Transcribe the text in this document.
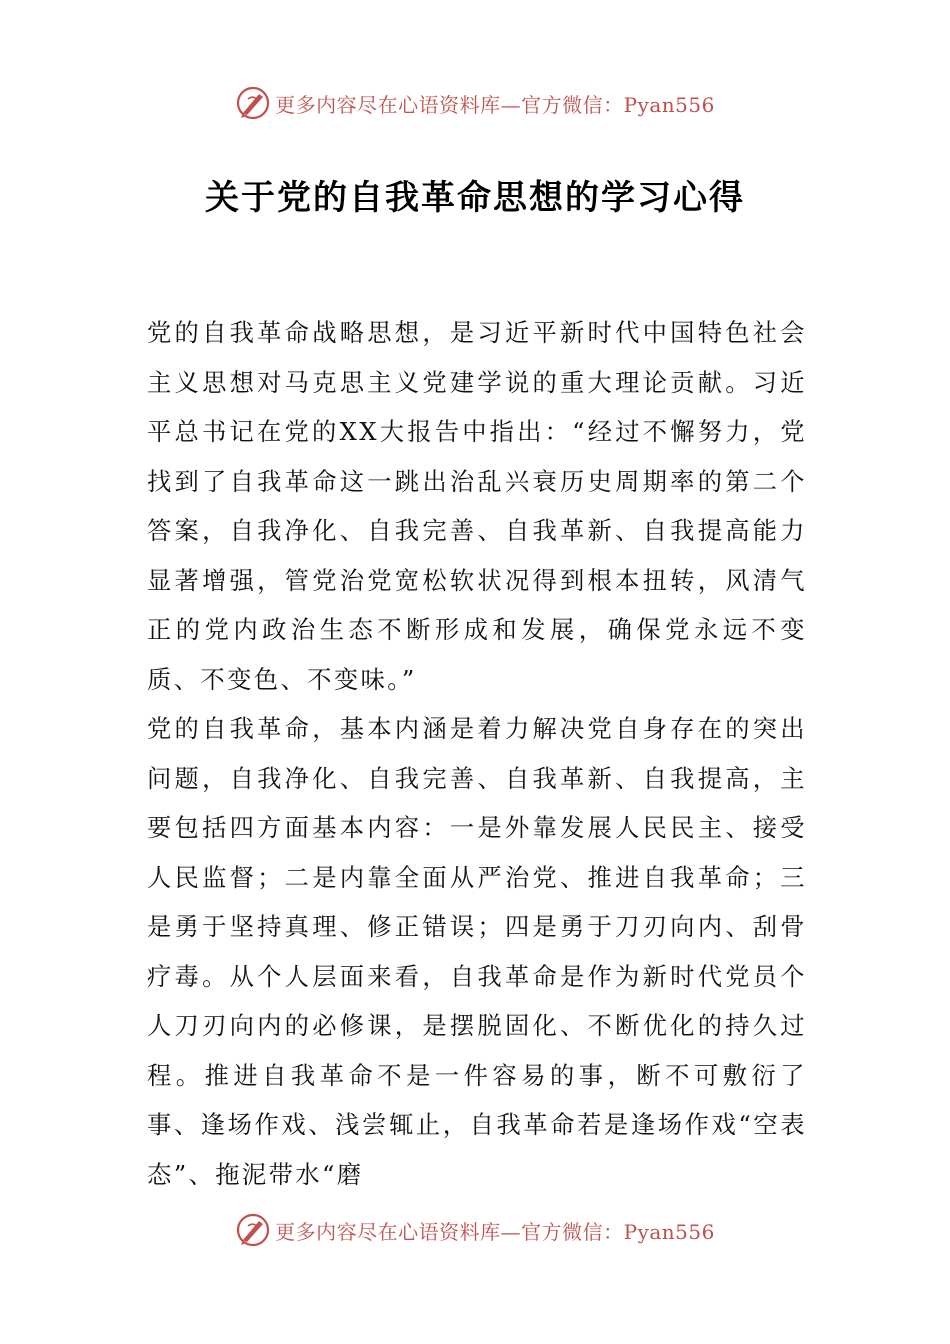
更多内容尽在心语资料库—官方微信：Pyan556
关于党的自我革命思想的学习心得

党的自我革命战略思想，是习近平新时代中国特色社会主义思想对马克思主义党建学说的重大理论贡献。习近平总书记在党的XX大报告中指出：“经过不懈努力，党找到了自我革命这一跳出治乱兴衰历史周期率的第二个答案，自我净化、自我完善、自我革新、自我提高能力显著增强，管党治党宽松软状况得到根本扭转，风清气正的党内政治生态不断形成和发展，确保党永远不变质、不变色、不变味。”

党的自我革命，基本内涵是着力解决党自身存在的突出问题，自我净化、自我完善、自我革新、自我提高，主要包括四方面基本内容：一是外靠发展人民民主、接受人民监督；二是内靠全面从严治党、推进自我革命；三是勇于坚持真理、修正错误；四是勇于刀刃向内、刮骨疗毒。从个人层面来看，自我革命是作为新时代党员个人刀刃向内的必修课，是摆脱固化、不断优化的持久过程。推进自我革命不是一件容易的事，断不可敷衍了事、逢场作戏、浅尝辄止，自我革命若是逢场作戏“空表态”、拖泥带水“磨

更多内容尽在心语资料库—官方微信：Pyan556
